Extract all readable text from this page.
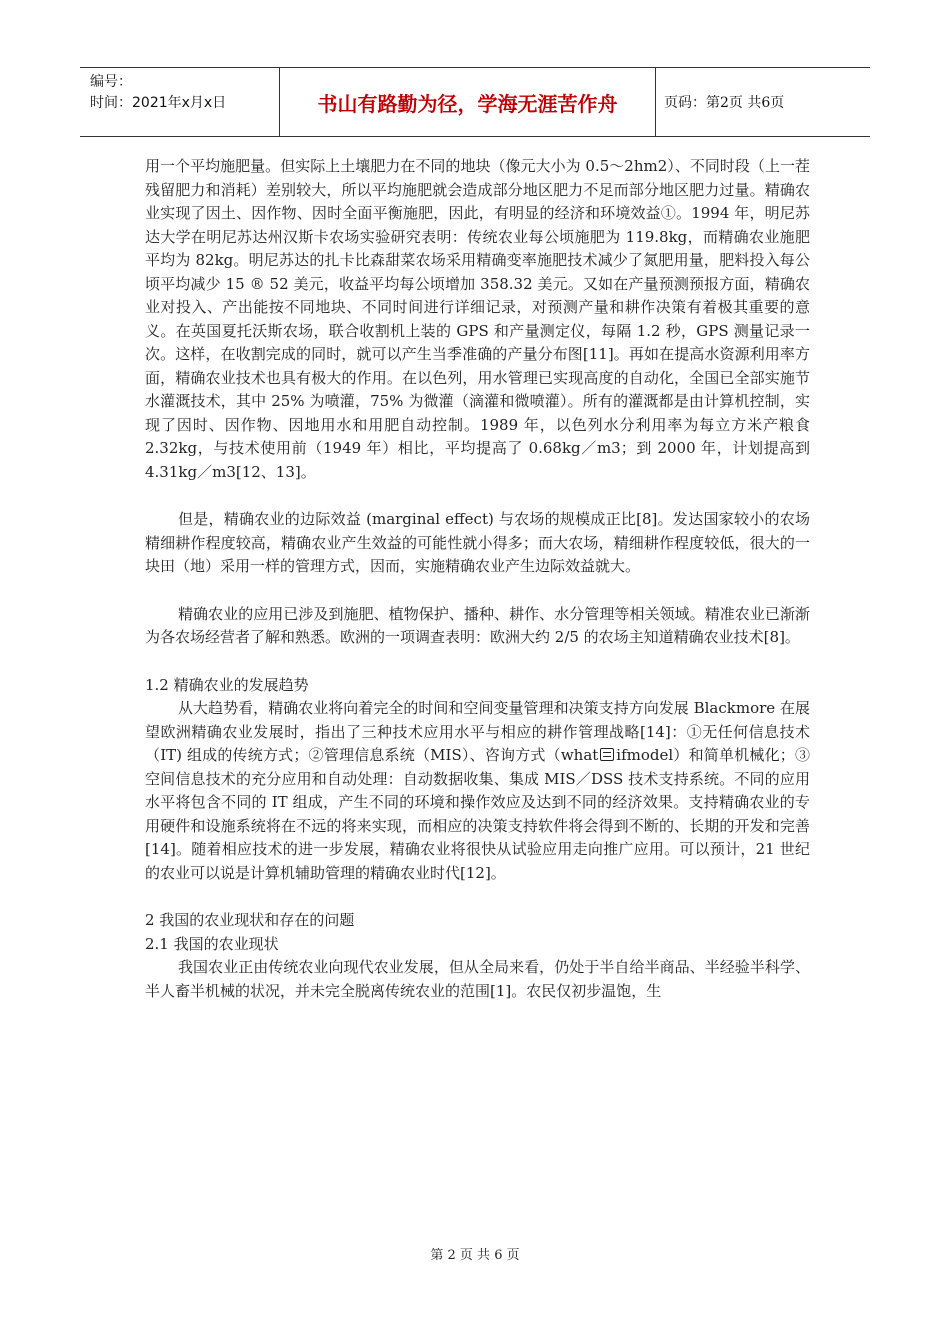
编号：
时间：2021年x月x日	书山有路勤为径，学海无涯苦作舟	页码：第2页 共6页

用一个平均施肥量。但实际上土壤肥力在不同的地块（像元大小为 0.5～2hm2）、不同时段（上一茬残留肥力和消耗）差别较大，所以平均施肥就会造成部分地区肥力不足而部分地区肥力过量。精确农业实现了因土、因作物、因时全面平衡施肥，因此，有明显的经济和环境效益①。1994 年，明尼苏达大学在明尼苏达州汉斯卡农场实验研究表明：传统农业每公顷施肥为 119.8kg，而精确农业施肥平均为 82kg。明尼苏达的扎卡比森甜菜农场采用精确变率施肥技术减少了氮肥用量，肥料投入每公顷平均减少 15 ® 52 美元，收益平均每公顷增加 358.32 美元。又如在产量预测预报方面，精确农业对投入、产出能按不同地块、不同时间进行详细记录，对预测产量和耕作决策有着极其重要的意义。在英国夏托沃斯农场，联合收割机上装的 GPS 和产量测定仪，每隔 1.2 秒，GPS 测量记录一次。这样，在收割完成的同时，就可以产生当季准确的产量分布图[11]。再如在提高水资源利用率方面，精确农业技术也具有极大的作用。在以色列，用水管理已实现高度的自动化，全国已全部实施节水灌溉技术，其中 25% 为喷灌，75% 为微灌（滴灌和微喷灌）。所有的灌溉都是由计算机控制，实现了因时、因作物、因地用水和用肥自动控制。1989 年，以色列水分利用率为每立方米产粮食 2.32kg，与技术使用前（1949 年）相比，平均提高了 0.68kg／m3；到 2000 年，计划提高到 4.31kg／m3[12、13]。

但是，精确农业的边际效益 (marginal effect) 与农场的规模成正比[8]。发达国家较小的农场精细耕作程度较高，精确农业产生效益的可能性就小得多；而大农场，精细耕作程度较低，很大的一块田（地）采用一样的管理方式，因而，实施精确农业产生边际效益就大。

精确农业的应用已涉及到施肥、植物保护、播种、耕作、水分管理等相关领域。精准农业已渐渐为各农场经营者了解和熟悉。欧洲的一项调查表明：欧洲大约 2/5 的农场主知道精确农业技术[8]。

1.2 精确农业的发展趋势

从大趋势看，精确农业将向着完全的时间和空间变量管理和决策支持方向发展 Blackmore 在展望欧洲精确农业发展时，指出了三种技术应用水平与相应的耕作管理战略[14]：①无任何信息技术（IT) 组成的传统方式；②管理信息系统（MIS）、咨询方式（what ifmodel）和简单机械化；③空间信息技术的充分应用和自动处理：自动数据收集、集成 MIS／DSS 技术支持系统。不同的应用水平将包含不同的 IT 组成，产生不同的环境和操作效应及达到不同的经济效果。支持精确农业的专用硬件和设施系统将在不远的将来实现，而相应的决策支持软件将会得到不断的、长期的开发和完善[14]。随着相应技术的进一步发展，精确农业将很快从试验应用走向推广应用。可以预计，21 世纪的农业可以说是计算机辅助管理的精确农业时代[12]。

2 我国的农业现状和存在的问题

2.1 我国的农业现状

我国农业正由传统农业向现代农业发展，但从全局来看，仍处于半自给半商品、半经验半科学、半人畜半机械的状况，并未完全脱离传统农业的范围[1]。农民仅初步温饱，生

第 2 页 共 6 页
